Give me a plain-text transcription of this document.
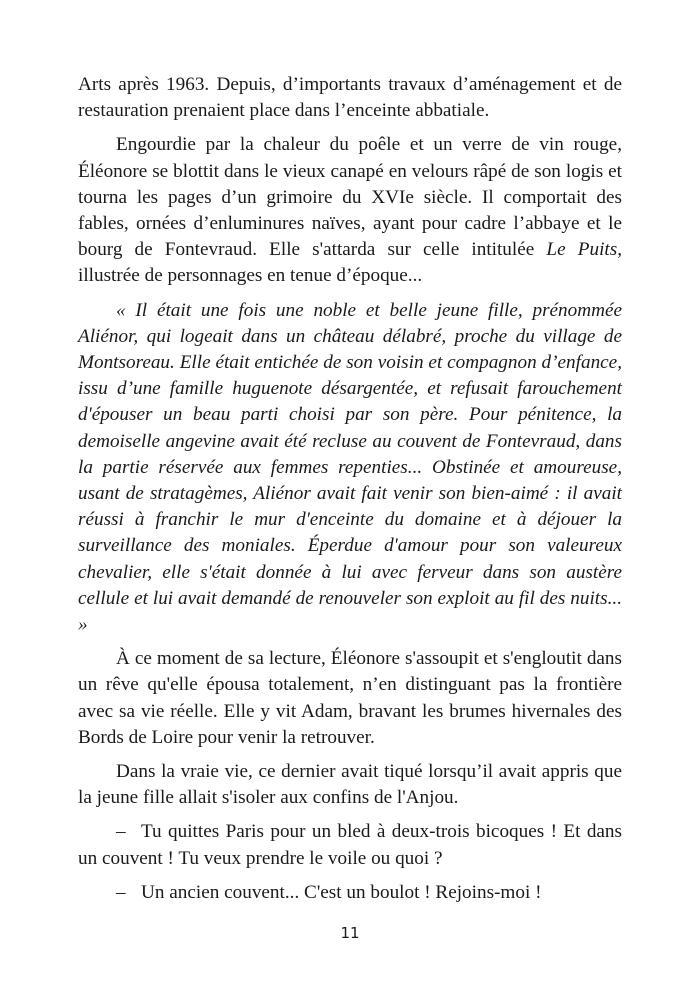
Arts après 1963. Depuis, d’importants travaux d’aménagement et de restauration prenaient place dans l’enceinte abbatiale.

Engourdie par la chaleur du poêle et un verre de vin rouge, Éléonore se blottit dans le vieux canapé en velours râpé de son logis et tourna les pages d’un grimoire du XVIe siècle. Il comportait des fables, ornées d’enluminures naïves, ayant pour cadre l’abbaye et le bourg de Fontevraud. Elle s'attarda sur celle intitulée Le Puits, illustrée de personnages en tenue d’époque...

« Il était une fois une noble et belle jeune fille, prénommée Aliénor, qui logeait dans un château délabré, proche du village de Montsoreau. Elle était entichée de son voisin et compagnon d’enfance, issu d’une famille huguenote désargentée, et refusait farouchement d'épouser un beau parti choisi par son père. Pour pénitence, la demoiselle angevine avait été recluse au couvent de Fontevraud, dans la partie réservée aux femmes repenties... Obstinée et amoureuse, usant de stratagèmes, Aliénor avait fait venir son bien-aimé : il avait réussi à franchir le mur d'enceinte du domaine et à déjouer la surveillance des moniales. Éperdue d'amour pour son valeureux chevalier, elle s'était donnée à lui avec ferveur dans son austère cellule et lui avait demandé de renouveler son exploit au fil des nuits... »

À ce moment de sa lecture, Éléonore s'assoupit et s'engloutit dans un rêve qu'elle épousa totalement, n’en distinguant pas la frontière avec sa vie réelle. Elle y vit Adam, bravant les brumes hivernales des Bords de Loire pour venir la retrouver.

Dans la vraie vie, ce dernier avait tiqué lorsqu’il avait appris que la jeune fille allait s'isoler aux confins de l'Anjou.

– Tu quittes Paris pour un bled à deux-trois bicoques ! Et dans un couvent ! Tu veux prendre le voile ou quoi ?

– Un ancien couvent... C'est un boulot ! Rejoins-moi !

11
